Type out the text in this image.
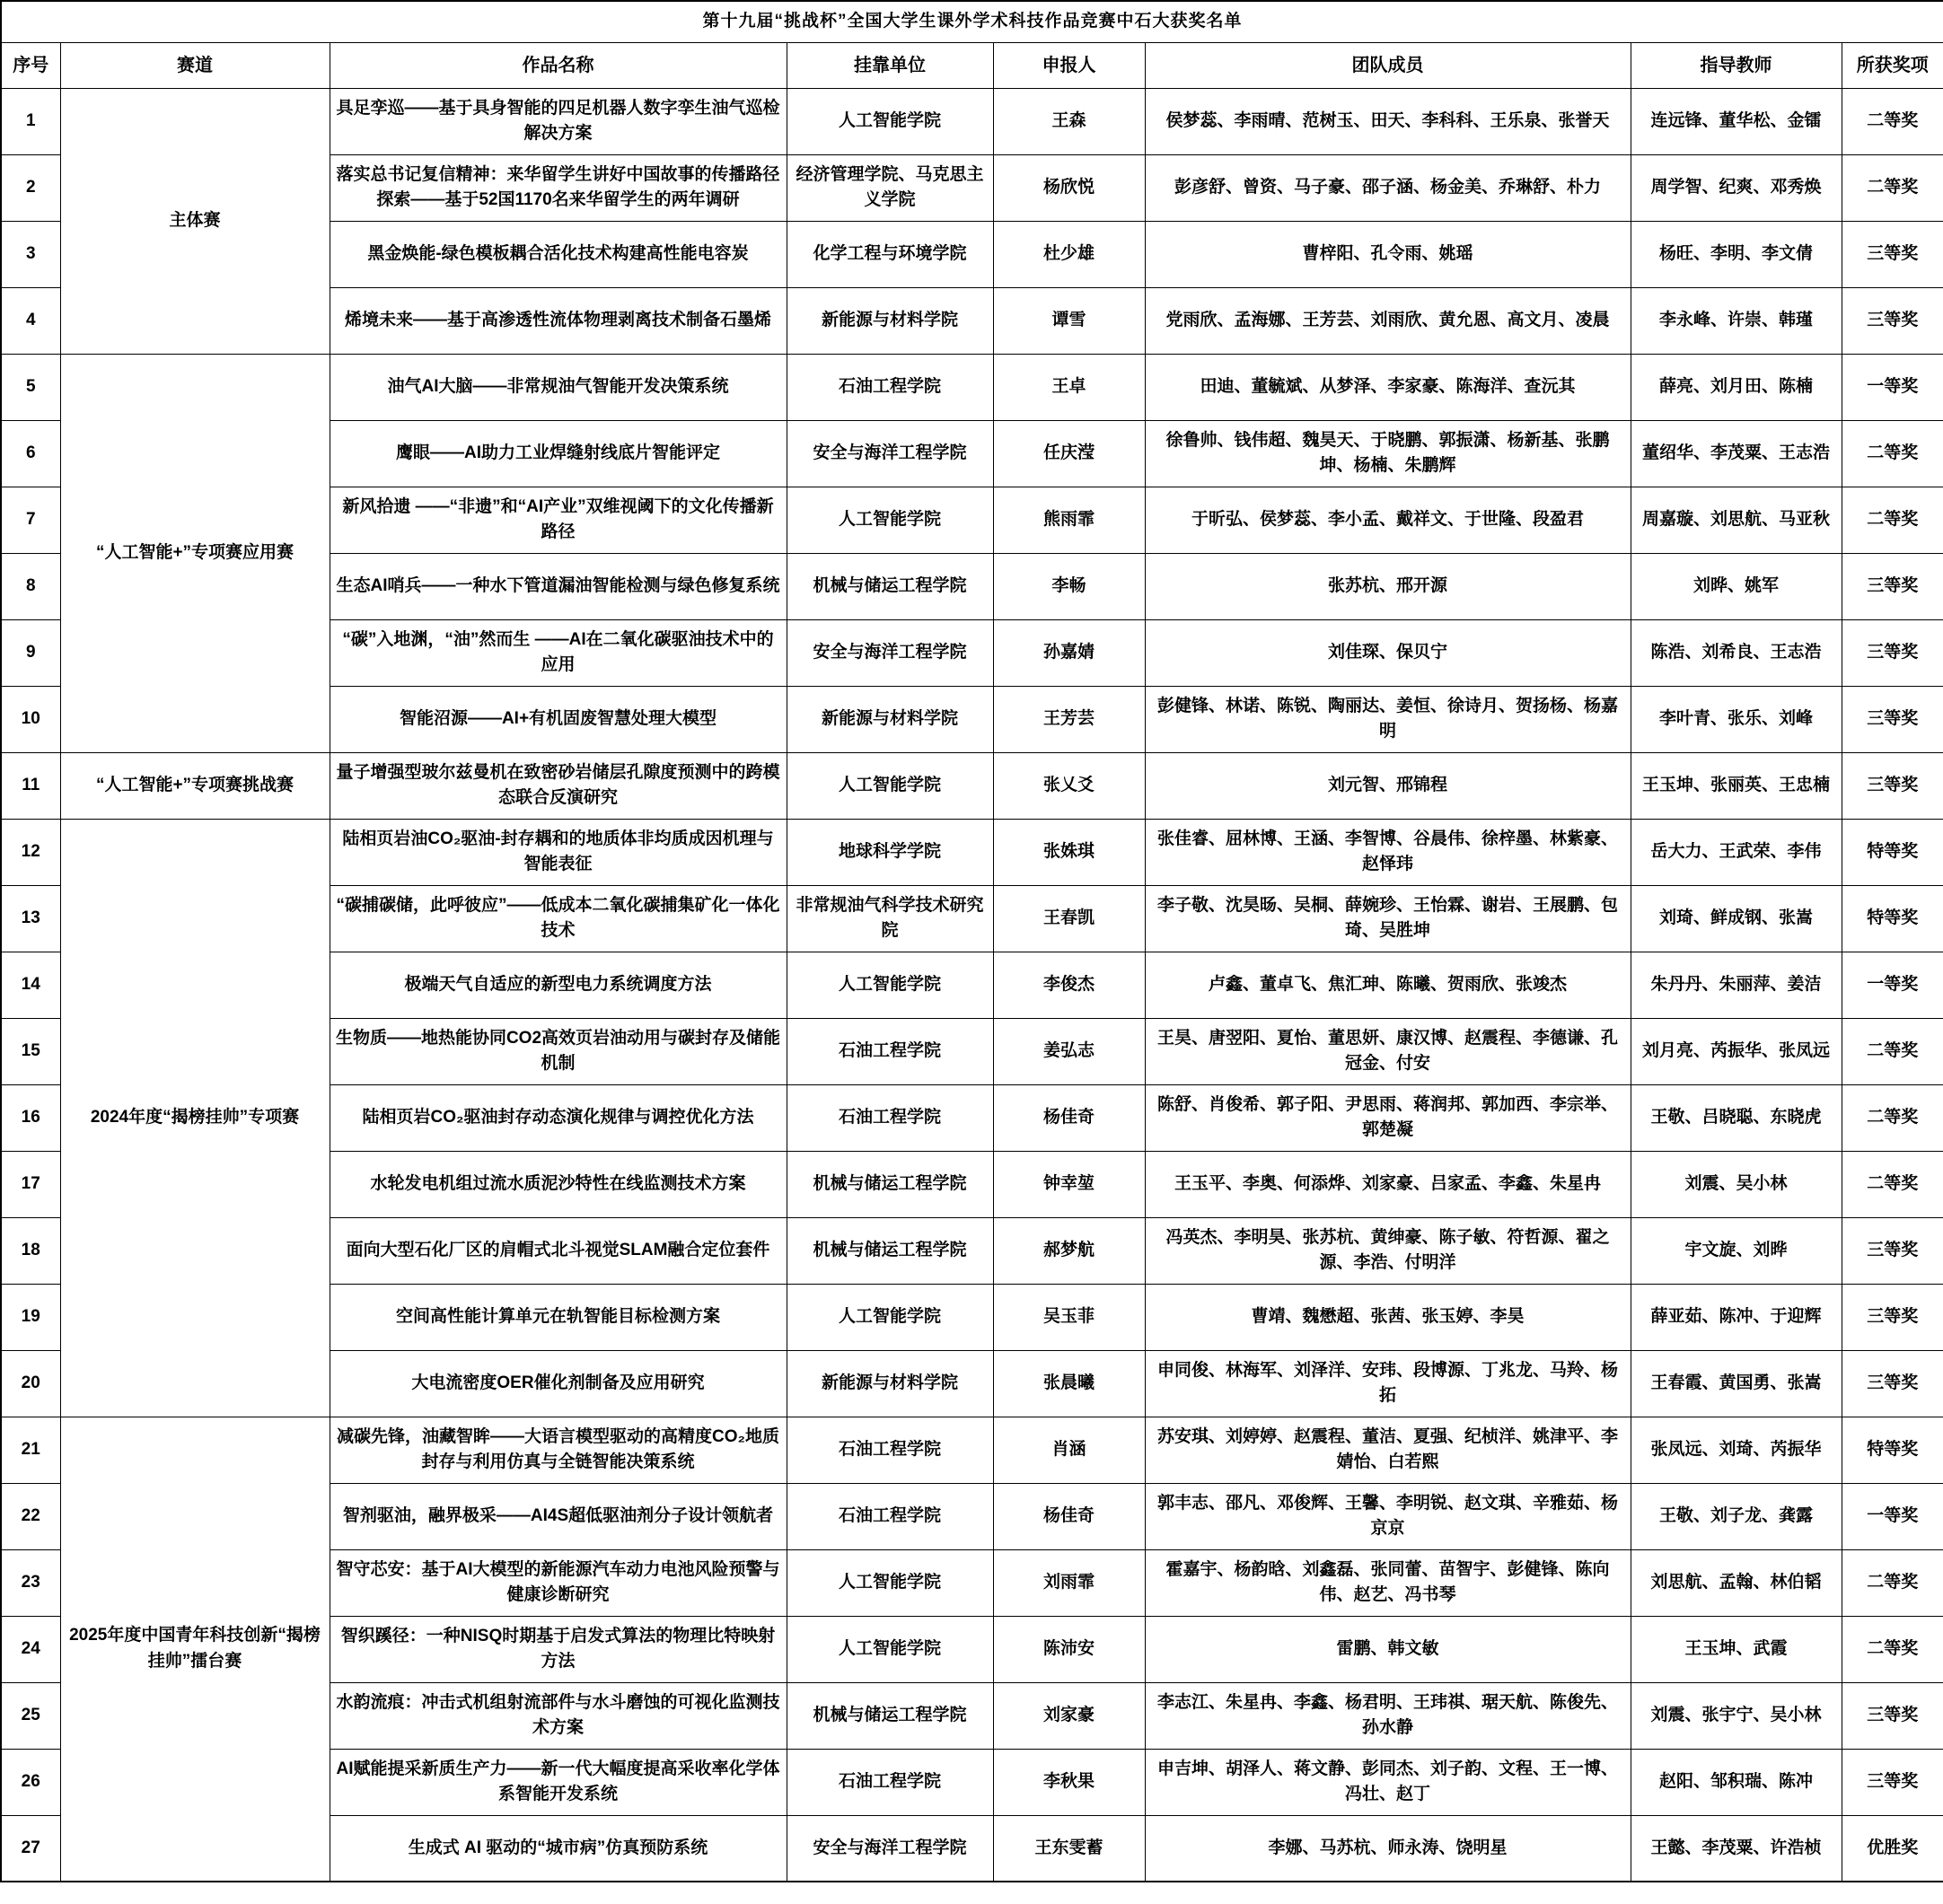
第十九届“挑战杯”全国大学生课外学术科技作品竞赛中石大获奖名单							
序号	赛道	作品名称	挂靠单位	申报人	团队成员	指导教师	所获奖项
1	主体赛	具足孪巡——基于具身智能的四足机器人数字孪生油气巡检解决方案	人工智能学院	王森	侯梦蕊、李雨晴、范树玉、田天、李科科、王乐泉、张誉天	连远锋、董华松、金镭	二等奖
2		落实总书记复信精神：来华留学生讲好中国故事的传播路径探索——基于52国1170名来华留学生的两年调研	经济管理学院、马克思主义学院	杨欣悦	彭彦舒、曾资、马子豪、邵子涵、杨金美、乔琳舒、朴力	周学智、纪爽、邓秀焕	二等奖
3		黑金焕能-绿色模板耦合活化技术构建高性能电容炭	化学工程与环境学院	杜少雄	曹梓阳、孔令雨、姚瑶	杨旺、李明、李文倩	三等奖
4		烯境未来——基于高渗透性流体物理剥离技术制备石墨烯	新能源与材料学院	谭雪	党雨欣、孟海娜、王芳芸、刘雨欣、黄允恩、高文月、凌晨	李永峰、许崇、韩瑾	三等奖
5	“人工智能+”专项赛应用赛	油气AI大脑——非常规油气智能开发决策系统	石油工程学院	王卓	田迪、董毓斌、从梦泽、李家豪、陈海洋、查沅其	薛亮、刘月田、陈楠	一等奖
6		鹰眼——AI助力工业焊缝射线底片智能评定	安全与海洋工程学院	任庆滢	徐鲁帅、钱伟超、魏昊天、于晓鹏、郭振潇、杨新基、张鹏坤、杨楠、朱鹏辉	董绍华、李茂粟、王志浩	二等奖
7		新风拾遗 ——“非遗”和“AI产业”双维视阈下的文化传播新路径	人工智能学院	熊雨霏	于昕弘、侯梦蕊、李小孟、戴祥文、于世隆、段盈君	周嘉璇、刘思航、马亚秋	二等奖
8		生态AI哨兵——一种水下管道漏油智能检测与绿色修复系统	机械与储运工程学院	李畅	张苏杭、邢开源	刘晔、姚军	三等奖
9		“碳”入地渊，“油”然而生 ——AI在二氧化碳驱油技术中的应用	安全与海洋工程学院	孙嘉婧	刘佳琛、保贝宁	陈浩、刘希良、王志浩	三等奖
10		智能沼源——AI+有机固废智慧处理大模型	新能源与材料学院	王芳芸	彭健锋、林诺、陈锐、陶丽达、姜恒、徐诗月、贺扬杨、杨嘉明	李叶青、张乐、刘峰	三等奖
11	“人工智能+”专项赛挑战赛	量子增强型玻尔兹曼机在致密砂岩储层孔隙度预测中的跨模态联合反演研究	人工智能学院	张乂爻	刘元智、邢锦程	王玉坤、张丽英、王忠楠	三等奖
12	2024年度“揭榜挂帅”专项赛	陆相页岩油CO₂驱油-封存耦和的地质体非均质成因机理与智能表征	地球科学学院	张姝琪	张佳睿、屈林博、王涵、李智博、谷晨伟、徐梓墨、林紫豪、赵怿玮	岳大力、王武荣、李伟	特等奖
13		“碳捕碳储，此呼彼应”——低成本二氧化碳捕集矿化一体化技术	非常规油气科学技术研究院	王春凯	李子敬、沈昊旸、吴桐、薛婉珍、王怡霖、谢岩、王展鹏、包琦、吴胜坤	刘琦、鲜成钢、张嵩	特等奖
14		极端天气自适应的新型电力系统调度方法	人工智能学院	李俊杰	卢鑫、董卓飞、焦汇珅、陈曦、贺雨欣、张竣杰	朱丹丹、朱丽萍、姜洁	一等奖
15		生物质——地热能协同CO2高效页岩油动用与碳封存及储能机制	石油工程学院	姜弘志	王昊、唐翌阳、夏怡、董思妍、康汉博、赵震程、李德谦、孔冠金、付安	刘月亮、芮振华、张凤远	二等奖
16		陆相页岩CO₂驱油封存动态演化规律与调控优化方法	石油工程学院	杨佳奇	陈舒、肖俊希、郭子阳、尹思雨、蒋润邦、郭加西、李宗举、郭楚凝	王敬、吕晓聪、东晓虎	二等奖
17		水轮发电机组过流水质泥沙特性在线监测技术方案	机械与储运工程学院	钟幸堃	王玉平、李奥、何添烨、刘家豪、吕家孟、李鑫、朱星冉	刘震、吴小林	二等奖
18		面向大型石化厂区的肩帽式北斗视觉SLAM融合定位套件	机械与储运工程学院	郝梦航	冯英杰、李明昊、张苏杭、黄绅豪、陈子敏、符哲源、翟之源、李浩、付明洋	宇文旋、刘晔	三等奖
19		空间高性能计算单元在轨智能目标检测方案	人工智能学院	吴玉菲	曹靖、魏懋超、张茜、张玉婷、李昊	薛亚茹、陈冲、于迎辉	三等奖
20		大电流密度OER催化剂制备及应用研究	新能源与材料学院	张晨曦	申同俊、林海军、刘泽洋、安玮、段博源、丁兆龙、马羚、杨拓	王春霞、黄国勇、张嵩	三等奖
21	2025年度中国青年科技创新“揭榜挂帅”擂台赛	减碳先锋，油藏智眸——大语言模型驱动的高精度CO₂地质封存与利用仿真与全链智能决策系统	石油工程学院	肖涵	苏安琪、刘婷婷、赵震程、董洁、夏强、纪桢洋、姚津平、李婧怡、白若熙	张凤远、刘琦、芮振华	特等奖
22		智剂驱油，融界极采——AI4S超低驱油剂分子设计领航者	石油工程学院	杨佳奇	郭丰志、邵凡、邓俊辉、王馨、李明锐、赵文琪、辛雅茹、杨京京	王敬、刘子龙、龚露	一等奖
23		智守芯安：基于AI大模型的新能源汽车动力电池风险预警与健康诊断研究	人工智能学院	刘雨霏	霍嘉宇、杨韵晗、刘鑫磊、张同蕾、苗智宇、彭健锋、陈向伟、赵艺、冯书琴	刘思航、孟翰、林伯韬	二等奖
24		智织蹊径：一种NISQ时期基于启发式算法的物理比特映射方法	人工智能学院	陈沛安	雷鹏、韩文敏	王玉坤、武霞	二等奖
25		水韵流痕：冲击式机组射流部件与水斗磨蚀的可视化监测技术方案	机械与储运工程学院	刘家豪	李志江、朱星冉、李鑫、杨君明、王玮祺、琚天航、陈俊先、孙水静	刘震、张宇宁、吴小林	三等奖
26		AI赋能提采新质生产力——新一代大幅度提高采收率化学体系智能开发系统	石油工程学院	李秋果	申吉坤、胡泽人、蒋文静、彭同杰、刘子韵、文程、王一博、冯壮、赵丁	赵阳、邹积瑞、陈冲	三等奖
27		生成式 AI 驱动的“城市病”仿真预防系统	安全与海洋工程学院	王东雯蓄	李娜、马苏杭、师永涛、饶明星	王懿、李茂粟、许浩桢	优胜奖
